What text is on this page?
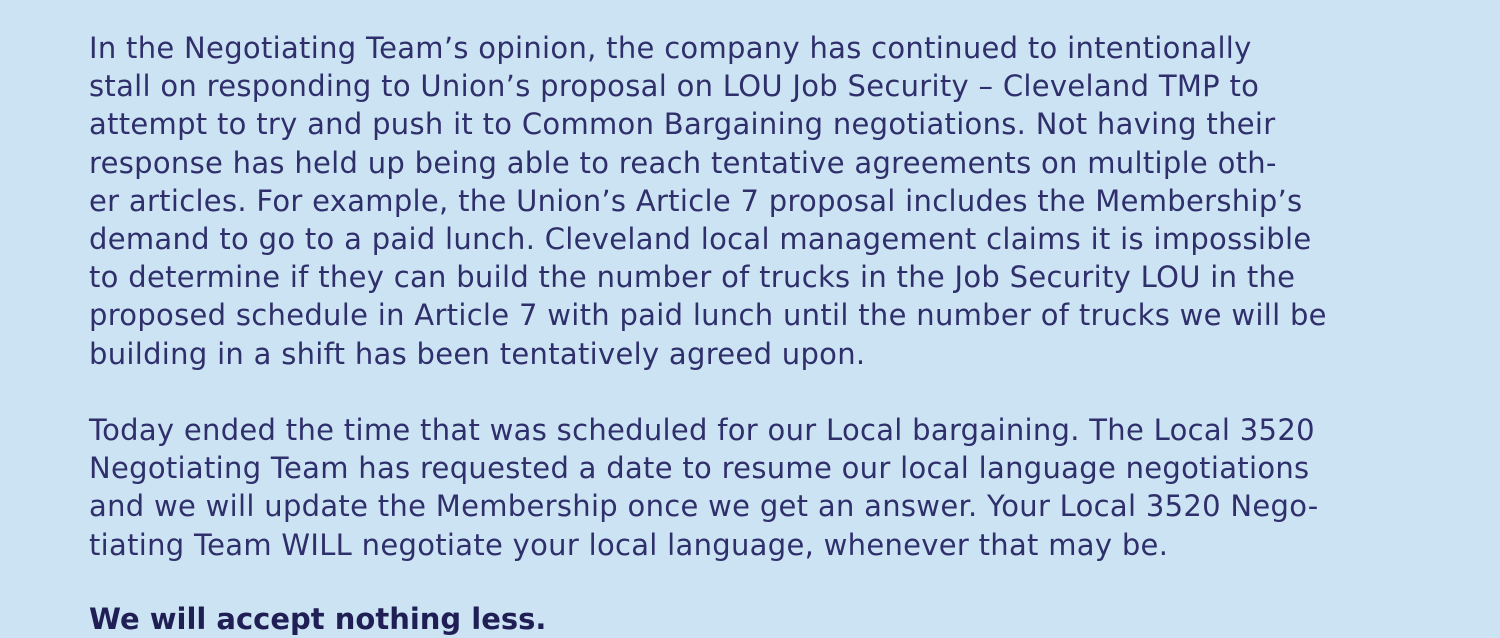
In the Negotiating Team’s opinion, the company has continued to intentionally
stall on responding to Union’s proposal on LOU Job Security – Cleveland TMP to
attempt to try and push it to Common Bargaining negotiations. Not having their
response has held up being able to reach tentative agreements on multiple oth-
er articles. For example, the Union’s Article 7 proposal includes the Membership’s
demand to go to a paid lunch. Cleveland local management claims it is impossible
to determine if they can build the number of trucks in the Job Security LOU in the
proposed schedule in Article 7 with paid lunch until the number of trucks we will be
building in a shift has been tentatively agreed upon.
Today ended the time that was scheduled for our Local bargaining. The Local 3520
Negotiating Team has requested a date to resume our local language negotiations
and we will update the Membership once we get an answer. Your Local 3520 Nego-
tiating Team WILL negotiate your local language, whenever that may be.
We will accept nothing less.
